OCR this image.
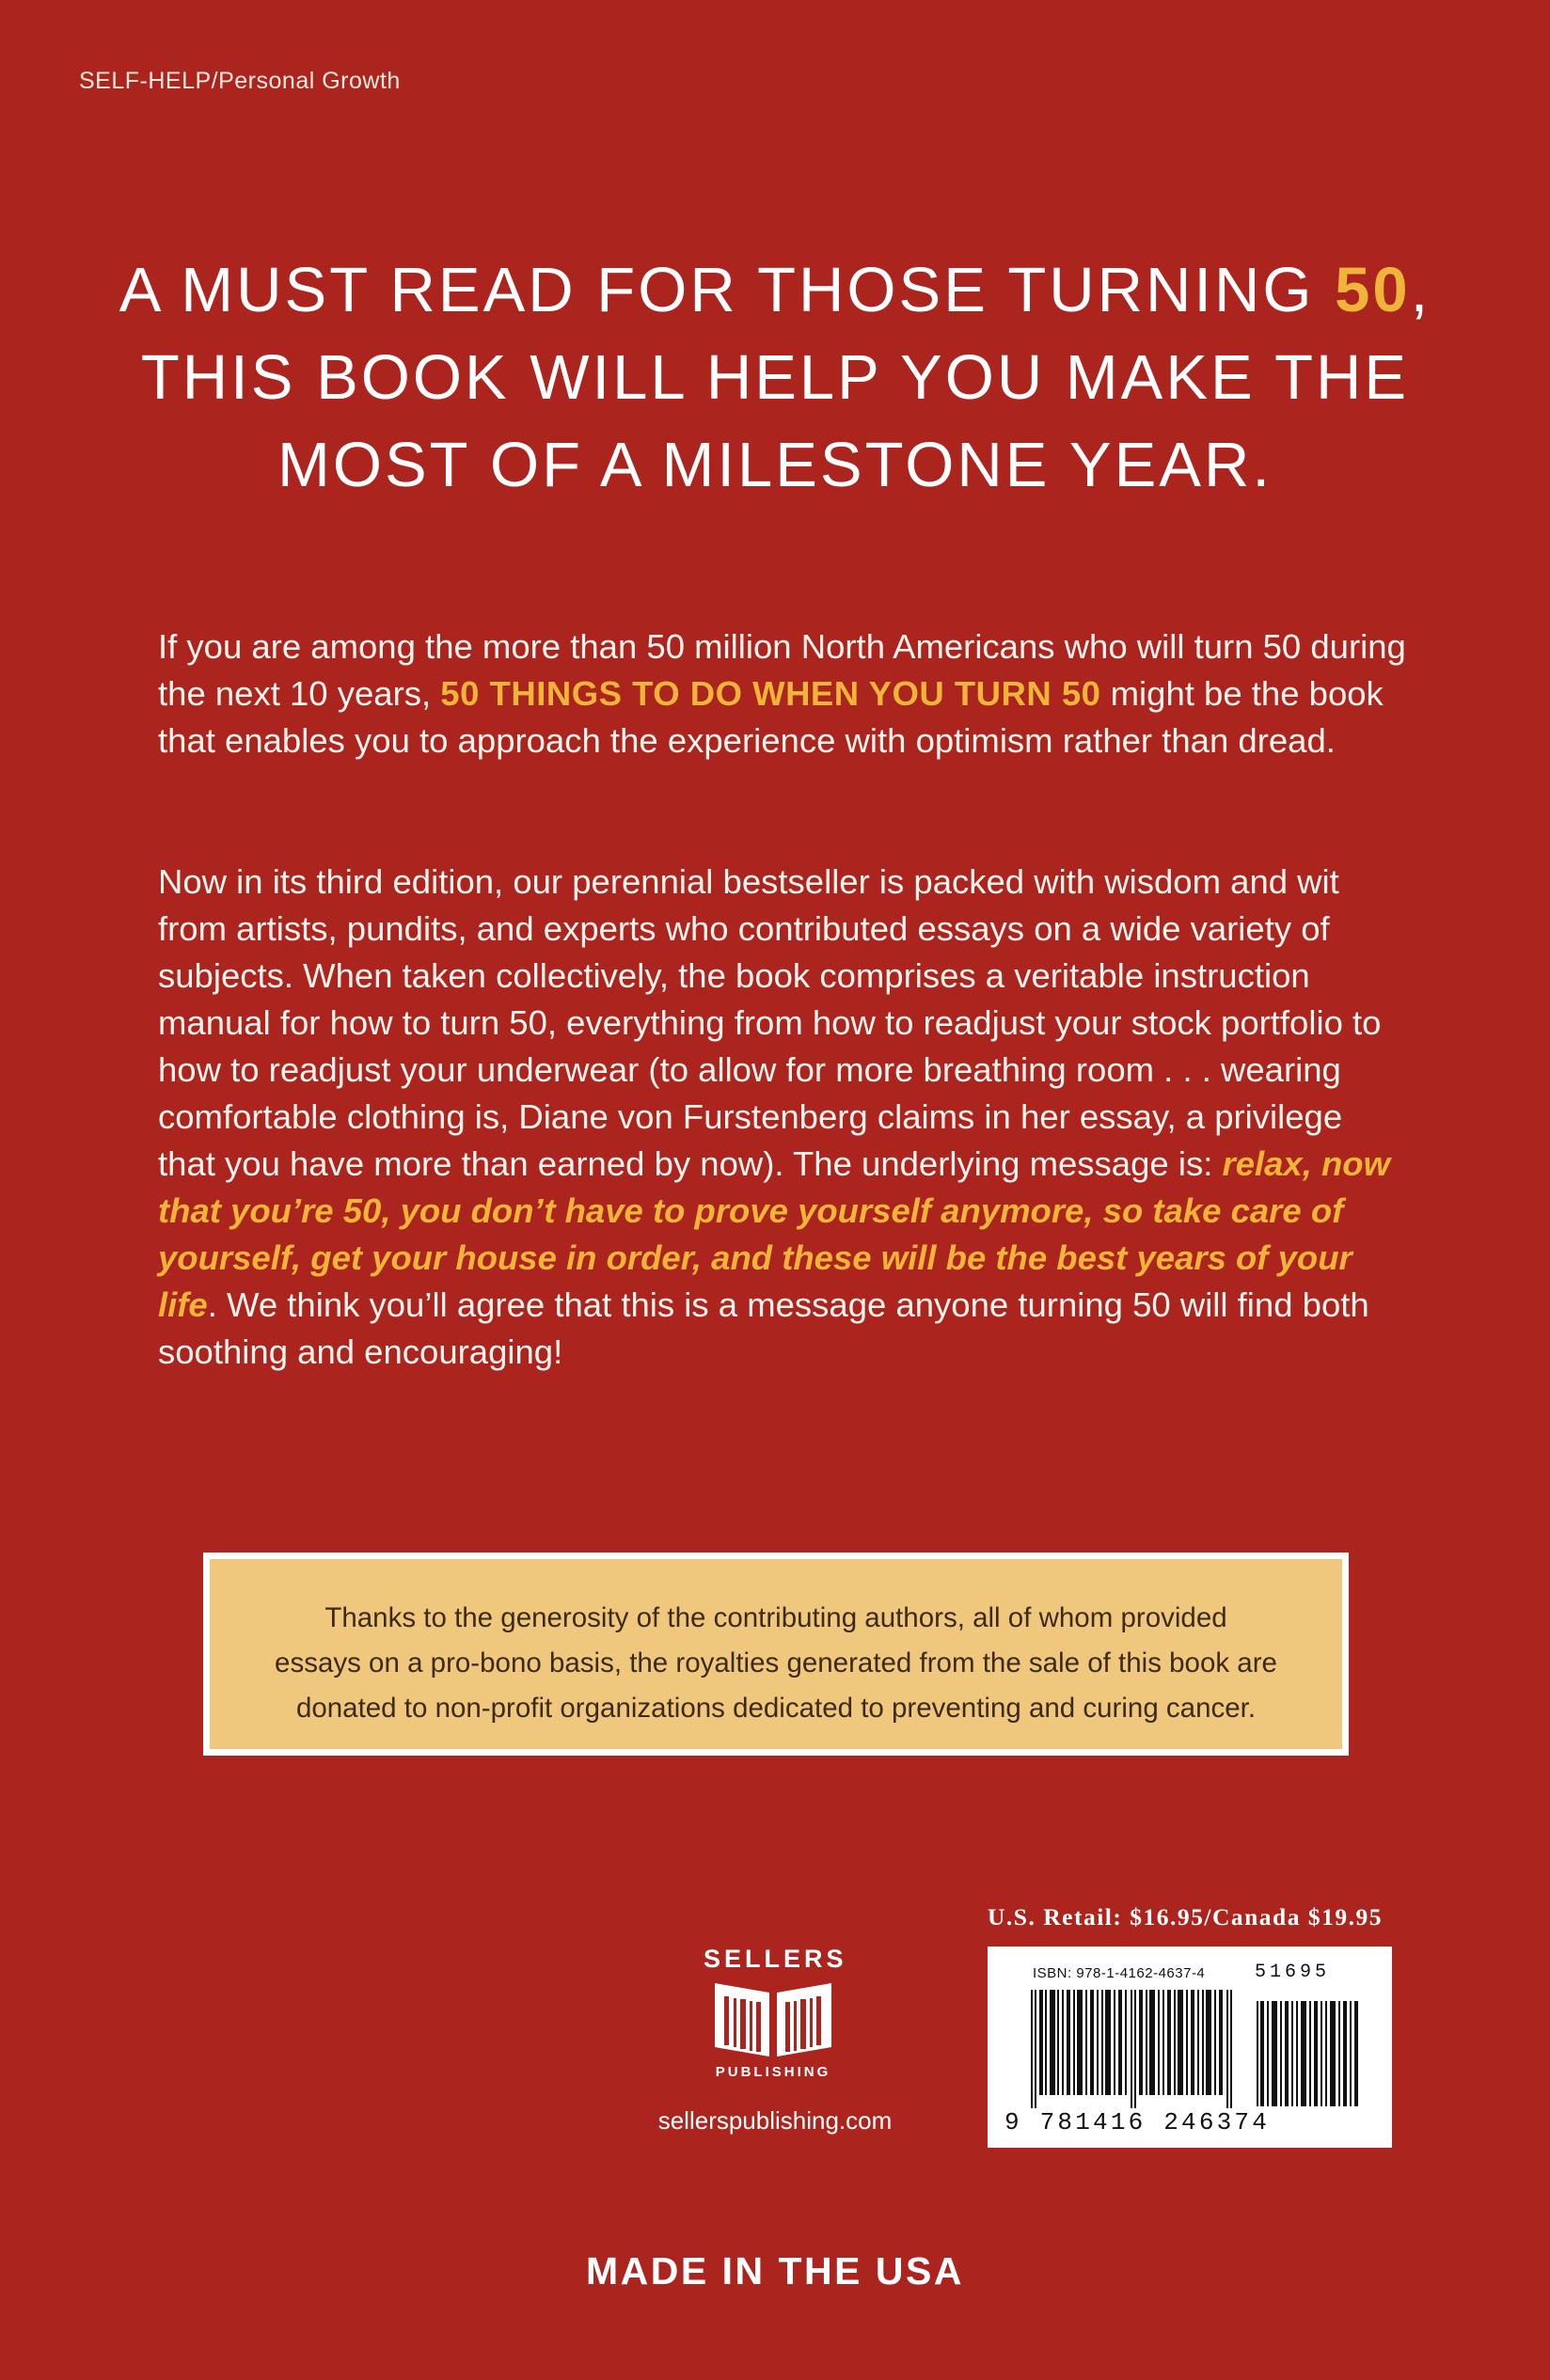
SELF-HELP/Personal Growth
A MUST READ FOR THOSE TURNING 50,
THIS BOOK WILL HELP YOU MAKE THE
MOST OF A MILESTONE YEAR.

If you are among the more than 50 million North Americans who will turn 50 during the next 10 years, 50 THINGS TO DO WHEN YOU TURN 50 might be the book that enables you to approach the experience with optimism rather than dread.

Now in its third edition, our perennial bestseller is packed with wisdom and wit from artists, pundits, and experts who contributed essays on a wide variety of subjects. When taken collectively, the book comprises a veritable instruction manual for how to turn 50, everything from how to readjust your stock portfolio to how to readjust your underwear (to allow for more breathing room . . . wearing comfortable clothing is, Diane von Furstenberg claims in her essay, a privilege that you have more than earned by now). The underlying message is: relax, now that you’re 50, you don’t have to prove yourself anymore, so take care of yourself, get your house in order, and these will be the best years of your life. We think you’ll agree that this is a message anyone turning 50 will find both soothing and encouraging!

Thanks to the generosity of the contributing authors, all of whom provided
essays on a pro-bono basis, the royalties generated from the sale of this book are
donated to non-profit organizations dedicated to preventing and curing cancer.
SELLERS
PUBLISHING
sellerspublishing.com
U.S. Retail: $16.95/Canada $19.95
ISBN: 978-1-4162-4637-4	51695
9 781416 246374
MADE IN THE USA
